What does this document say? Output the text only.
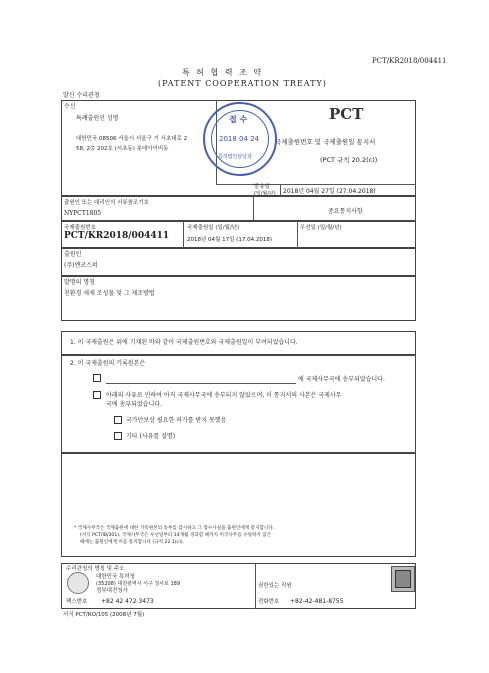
PCT/KR2018/004411
특 허 협 력 조 약
(PATENT COOPERATION TREATY)
발신 수리관청
수신
특례출원인 성명
대한민국 08506 서울시 서울구 기 서초대로 2
58, 2층 202호 (서초동) 롯데아이비동
접 수
2018 04 24
특허법인담당과
PCT
국제출원번호 및 국제출원일 통지서
(PCT 규칙 20.2(c))
발송일
(일/월/년) 2018년 04월 27일 (27.04.2018)
출원인 또는 대리인의 서류참조기호
NYPCT1805	중요통지사항
국제출원번호
PCT/KR2018/004411
국제출원일 (일/월/년)
2018년 04월 17일 (17.04.2018)
우선일 (일/월/년)
출원인
(주)엔코스퍼
발명의 명칭
친환경 세제 조성물 및 그 제조방법
1. 이 국제출원은 위에 기재된 바와 같이 국제출원번호와 국제출원일이 부여되었습니다.
2. 이 국제출원의 기록원본은
에 국제사무국에 송부되었습니다.
아래의 사유로 인하여 아직 국제사무국에 송부되지 않았으며, 이 통지서의 사본은 국제사무
국에 송부되었습니다.
국가안보상 필요한 허가를 받지 못했음
기타 (사유를 설명)
* 국제사무국은 국제출원에 대한 기록원본의 송부를 감시하고 그 접수사실을 출원인에게 통지합니다.
(서식 PCT/IB/301), 국제사무국은 우선일부터 14개월 경과할 때까지 미국사무를 수령하지 않은
때에는 출원인에게 이를 통지합니다 (규칙 22.1(c)).
수리관청의 명칭 및 주소
대한민국 특허청
(35208) 대전광역시 서구 청사로 189
정부대전청사
팩스번호 +82 42 472 3473
권한있는 직원
전화번호 +82-42-481-8755
서식 PCT/RO/105 (2008년 7월)
